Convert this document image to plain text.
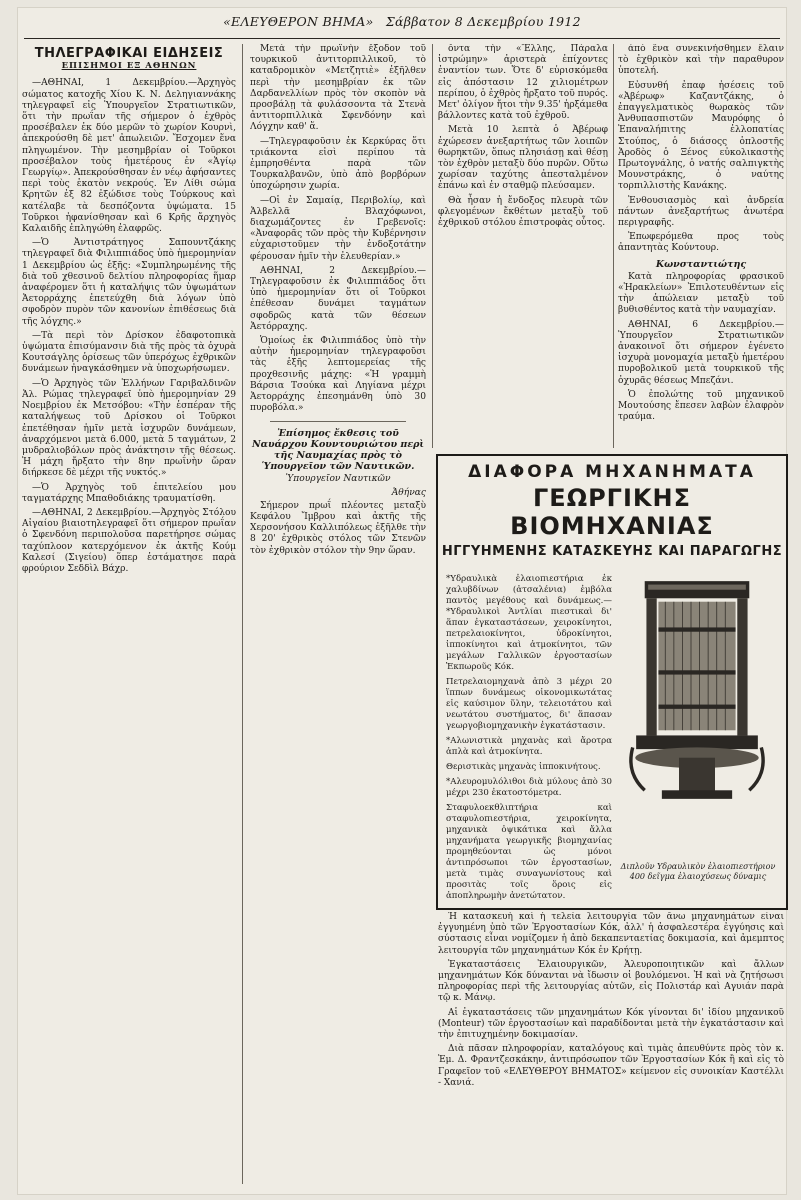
«ΕΛΕΥΘΕΡΟΝ ΒΗΜΑ» Σάββατον 8 Δεκεμβρίου 1912
ΤΗΛΕΓΡΑΦΙΚΑΙ ΕΙΔΗΣΕΙΣ
ΕΠΙΣΗΜΟΙ ΕΞ ΑΘΗΝΩΝ

—ΑΘΗΝΑΙ, 1 Δεκεμβρίου.—Ἀρχηγὸς σώματος κατοχῆς Χίου Κ. Ν. Δεληγιαννάκης τηλεγραφεῖ εἰς Ὑπουργεῖον Στρατιωτικῶν, ὅτι τὴν πρωΐαν τῆς σήμερον ὁ ἐχθρὸς προσέβαλεν ἐκ δύο μερῶν τὸ χωρίον Κουρνὶ, ἀπεκρούσθη δὲ μετ' ἀπωλειῶν. Ἔσχομεν ἕνα πληγωμένον. Τὴν μεσημβρίαν οἱ Τοῦρκοι προσέβαλον τοὺς ἡμετέρους ἐν «Ἁγίῳ Γεωργίῳ». Ἀπεκρούσθησαν ἐν νέῳ ἀφήσαντες περὶ τοὺς ἑκατὸν νεκρούς. Ἐν Λίθι σώμα Κρητῶν ἐξ 82 ἐξώδισε τοὺς Τούρκους καὶ κατέλαβε τὰ δεσπόζοντα ὑψώματα. 15 Τοῦρκοι ἠφανίσθησαν καὶ 6 Κρῆς ἄρχηγὸς Καλαιδῆς ἐπληγώθη ἐλαφρῶς.

—Ὁ Ἀντιστράτηγος Σαπουντζάκης τηλεγραφεῖ διὰ Φιλιππιάδος ὑπὸ ἡμερομηνίαν 1 Δεκεμβρίου ὡς ἑξῆς: «Συμπληρωμένης τῆς διὰ τοῦ χθεσινοῦ δελτίου πληροφορίας ἥμαρ ἀναφέρομεν ὅτι ἡ καταλήψις τῶν ὑψωμάτων Ἀετορράχης ἐπετεύχθη διὰ λόγων ὑπὸ σφοδρὸν πυρὸν τῶν κανονίων ἐπιθέσεως διὰ τῆς λόγχης.»

—Τὰ περὶ τὸν Δρίσκον ἐδαφοτοπικὰ ὑψώματα ἐπισύμανσιν διὰ τῆς πρὸς τὰ ὀχυρὰ Κουτσάγλης ὁρίσεως τῶν ὑπερόχως ἐχθρικῶν δυνάμεων ἠναγκάσθημεν νὰ ὑποχωρήσωμεν.

—Ὁ Ἀρχηγὸς τῶν Ἑλλήνων Γαριβαλδινῶν Ἀλ. Ρώμας τηλεγραφεῖ ὑπὸ ἡμερομηνίαν 29 Νοεμβρίου ἐκ Μετσόβου: «Τὴν ἑσπέραν τῆς καταλήψεως τοῦ Δρίσκου οἱ Τοῦρκοι ἐπετέθησαν ἡμῖν μετὰ ἰσχυρῶν δυνάμεων, ἀναρχόμενοι μετὰ 6.000, μετὰ 5 ταγμάτων, 2 μυδραλιοβόλων πρὸς ἀνάκτησιν τῆς θέσεως. Ἡ μάχη ἤρξατο τὴν 8ην πρωΐνὴν ὥραν διήρκεσε δὲ μέχρι τῆς νυκτός.»

—Ὁ Ἀρχηγὸς τοῦ ἐπιτελείου μου ταγματάρχης Μπαθοδιάκης τραυματίσθη.

—ΑΘΗΝΑΙ, 2 Δεκεμβρίου.—Ἀρχηγὸς Στόλου Αἰγαίου βιαιοτηλεγραφεῖ ὅτι σήμερον πρωΐαν ὁ Σφενδόνη περιπολοῦσα παρετήρησε σώμας ταχύπλοον κατερχόμενον ἐκ ἀκτῆς Κούμ Καλεσί (Σιγείου) ὅπερ ἐστάματησε παρὰ φρούριον Σεδδὶλ Βάχρ.

Μετὰ τὴν πρωΐνὴν ἔξοδον τοῦ τουρκικοῦ ἀντιτορπιλλικοῦ, τὸ καταδρομικὸν «Μετζητιὲ» ἐξῆλθεν περὶ τὴν μεσημβρίαν ἐκ τῶν Δαρδανελλίων πρὸς τὸν σκοπὸν νὰ προσβάλῃ τὰ φυλάσσοντα τὰ Στενὰ ἀντιτορπιλλικὰ Σφενδόνην καὶ Λόγχην καθ' ἅ.

—Τηλεγραφοῦσιν ἐκ Κερκύρας ὅτι τριάκοντα εἰσὶ περίπου τὰ ἐμπρησθέντα παρὰ τῶν Τουρκαλβανῶν, ὑπὸ ἀπὸ βορβόρων ὑποχώρησιν χωρία.

—Οἱ ἐν Σαμαίᾳ, Περιβολίῳ, καὶ Ἀλβελλᾶ Βλαχόφωνοι, διαχωμάζοντες ἐν Γρεβενοῖς: «Ἀναφορᾶς τῶν πρὸς τὴν Κυβέρνησιν εὐχαριστοῦμεν τὴν ἐνδοξοτάτην φέρουσαν ἡμῖν τὴν ἐλευθερίαν.»

ΑΘΗΝΑΙ, 2 Δεκεμβρίου.—Τηλεγραφοῦσιν ἐκ Φιλιππιάδος ὅτι ὑπὸ ἡμερομηνίαν ὅτι οἱ Τοῦρκοι ἐπέθεσαν δυνάμει ταγμάτων σφοδρῶς κατὰ τῶν θέσεων Ἀετόρραχης.

Ὁμοίως ἐκ Φιλιππιάδος ὑπὸ τὴν αὐτὴν ἡμερομηνίαν τηλεγραφοῦσι τὰς ἑξῆς λεπτομερείας τῆς προχθεσινῆς μάχης: «Ἡ γραμμὴ Βάρσια Τσούκα καὶ Ληγίανα μέχρι Ἀετορράχης ἐπεσημάνθη ὑπὸ 30 πυροβόλα.»

Ἐπίσημος ἔκθεσις τοῦ Ναυάρχου Κουντουριώτου περὶ τῆς Ναυμαχίας πρὸς τὸ Ὑπουργεῖον τῶν Ναυτικῶν.
Ὑπουργεῖον Ναυτικῶν
Ἀθήνας

Σήμερον πρωΐ πλέοντες μεταξὺ Κεφάλου Ἴμβρου καὶ ἀκτῆς τῆς Χερσονήσου Καλλιπόλεως ἐξῆλθε τὴν 8 20' ἐχθρικὸς στόλος τῶν Στενῶν τὸν ἐχθρικὸν στόλον τὴν 9ην ὥραν.

ὄντα τὴν «Ἔλλης, Πάραλα ἰστρώμην» ἀριστερὰ ἐπίχοντες ἐναντίον των. Ὅτε δ' εὑρισκόμεθα εἰς ἀπόστασιν 12 χιλιομέτρων περίπου, ὁ ἐχθρὸς ἤρξατο τοῦ πυρός. Μετ' ὀλίγον ἤτοι τὴν 9.35' ἠρξάμεθα βάλλοντες κατὰ τοῦ ἐχθροῦ.

Μετὰ 10 λεπτὰ ὁ Ἀβέρωφ ἐχώρεσεν ἀνεξαρτήτως τῶν λοιπῶν θωρηκτῶν, ὅπως πλησιάσῃ καὶ θέσῃ τὸν ἐχθρὸν μεταξὺ δύο πυρῶν. Οὕτω χωρίσαν ταχύτης ἀπεσταλμένον ἐπάνω καὶ ἐν σταθμῷ πλεύσαμεν.

Θὰ ἦσαν ἡ ἔνδοξος πλευρὰ τῶν φλεγομένων ἔκθέτων μεταξὺ τοῦ ἐχθρικοῦ στόλου ἐπιστροφὰς οὗτος.

ἀπὸ ἕνα συνεκινήσθημεν ἔλαιν τὸ ἐχθρικὸν καὶ τὴν παραθυρον ὑποτελή.

Εὐσυνθή ἐπαφ ἠσέσεις τοῦ «Ἀβέρωφ» Καζαντζάκης, ὁ ἐπαγγελματικὸς θωρακὸς τῶν Ἀνθυπασπιστῶν Μαυρόφης ὁ Ἐπαναλήπιτης ἐλλοπατίας Στούπος, ὁ διάσοςς ὁπλοστῆς Ἀροδὸς ὁ Ξένος εὐκολικαστὴς Πρωτογνάλης, ὁ νατής σαλπιγκτὴς Μουνστράκης, ὁ ναύτης τορπιλλιστὴς Κανάκης.

Ἐνθουσιασμὸς καὶ ἀνδρεία πάντων ἀνεξαρτήτως ἀνωτέρα περιγραφῆς.

Ἐπωφερόμεθα προς τοὺς ἀπαντητὰς Κούντουρ.

Κωνσταντιώτης

Κατὰ πληροφορίας φρασικοῦ «Ἡρακλείων» Ἐπιλοτευθέντων εἰς τὴν ἀπώλειαν μεταξὺ τοῦ βυθισθέντος κατὰ τὴν ναυμαχίαν.

ΑΘΗΝΑΙ, 6 Δεκεμβρίου.—Ὑπουργεῖον Στρατιωτικῶν ἀνακοινοῖ ὅτι σήμερον ἐγένετο ἰσχυρὰ μονομαχία μεταξὺ ἡμετέρου πυροβολικοῦ μετὰ τουρκικοῦ τῆς ὀχυρᾶς θέσεως Μπεζάνι.

Ὁ ἐπολώτης τοῦ μηχανικοῦ Μουτούσης ἔπεσεν λαβὼν ἐλαφρὸν τραύμα.

ΔΙΑΦΟΡΑ ΜΗΧΑΝΗΜΑΤΑ
ΓΕΩΡΓΙΚΗΣ ΒΙΟΜΗΧΑΝΙΑΣ
ΗΓΓΥΗΜΕΝΗΣ ΚΑΤΑΣΚΕΥΗΣ ΚΑΙ ΠΑΡΑΓΩΓΗΣ

*Υδραυλικὰ ἐλαιοπιεστήρια ἐκ χαλυβδίνων (ἀτσαλένια) ἐμβόλα παντὸς μεγέθους καὶ δυνάμεως.—*Υδραυλικοὶ Ἀντλίαι πιεστικαὶ δι' ἅπαν ἐγκαταστάσεων, χειροκίνητοι, πετρελαιοκίνητοι, ὑδροκίνητοι, ἱπποκίνητοι καὶ ἀτμοκίνητοι, τῶν μεγάλων Γαλλικῶν ἐργοστασίων Ἐκπωροῦς Κόκ.

Πετρελαιομηχανὰ ἀπὸ 3 μέχρι 20 ἵππων δυνάμεως οἰκονομικωτάτας εἰς καύσιμον ὕλην, τελειοτάτου καὶ νεωτάτου συστήματος, δι' ἅπασαν γεωργοβιομηχανικὴν ἐγκατάστασιν.

*Αλωνιστικὰ μηχανὰς καὶ ἄροτρα ἁπλὰ καὶ ἀτμοκίνητα.

Θεριστικὰς μηχανὰς ἱπποκινήτους.

*Αλευρομυλόλιθοι διὰ μύλους ἀπὸ 30 μέχρι 230 ἐκατοστόμετρα.

Σταφυλοεκθλιπτήρια καὶ σταφυλοπιεστήρια, χειροκίνητα, μηχανικὰ ὀψικάτικα καὶ ἄλλα μηχανήματα γεωργικῆς βιομηχανίας προμηθεύονται ὡς μόνοι ἀντιπρόσωποι τῶν ἐργοστασίων, μετὰ τιμὰς συναγωνίστους καὶ προσιτὰς τοῖς ὅροις εἰς ἀποπληρωμὴν ἀνετώτατον.

Διπλοῦν Υδραυλικὸν ἐλαιοπιεστήριον 400 δεῖγμα ἐλαιοχύσεως δύναμις

Ἡ κατασκευὴ καὶ ἡ τελεία λειτουργία τῶν ἄνω μηχανημάτων εἶναι ἐγγυημένη ὑπὸ τῶν Ἐργοστασίων Κόκ, ἀλλ' ἡ ἀσφαλεστέρα ἐγγύησις καὶ σύστασις εἶναι νομίζομεν ἡ ἀπὸ δεκαπενταετίας δοκιμασία, καὶ ἀμεμπτος λειτουργία τῶν μηχανημάτων Κόκ ἐν Κρήτῃ.

Ἐγκαταστάσεις Ἐλαιουργικῶν, Ἀλευροποιητικῶν καὶ ἄλλων μηχανημάτων Κόκ δύνανται νὰ ἴδωσιν οἱ βουλόμενοι. Ἡ καὶ νὰ ζητήσωσι πληροφορίας περὶ τῆς λειτουργίας αὐτῶν, εἰς Πολιστάρ καὶ Αγυιάν παρὰ τῷ κ. Μάνῳ.

Αἱ ἐγκαταστάσεις τῶν μηχανημάτων Κόκ γίνονται δι' ἰδίου μηχανικοῦ (Monteur) τῶν ἐργοστασίων καὶ παραδίδονται μετὰ τὴν ἐγκατάστασιν καὶ τὴν ἐπιτυχημένην δοκιμασίαν.

Διὰ πᾶσαν πληροφορίαν, καταλόγους καὶ τιμὰς ἀπευθύντε πρὸς τὸν κ. Ἐμ. Δ. Φραντζεσκάκην, ἀντιπρόσωπον τῶν Ἐργοστασίων Κόκ ἢ καὶ εἰς τὸ Γραφεῖον τοῦ «ΕΛΕΥΘΕΡΟΥ ΒΗΜΑΤΟΣ» κείμενον εἰς συνοικίαν Καστέλλι - Χανιά.
